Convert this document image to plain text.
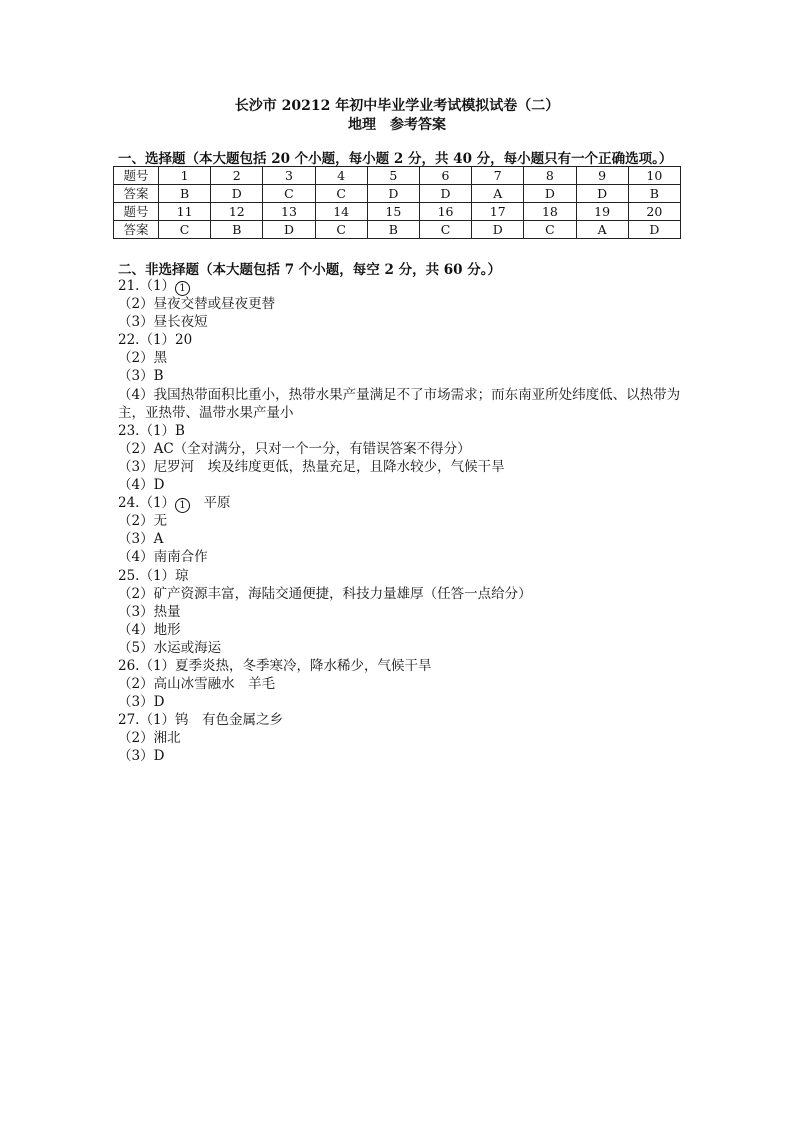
长沙市 20212 年初中毕业学业考试模拟试卷（二）
地理　参考答案
一、选择题（本大题包括 20 个小题，每小题 2 分，共 40 分，每小题只有一个正确选项。）
题号	1	2	3	4	5	6	7	8	9	10
答案	B	D	C	C	D	D	A	D	D	B
题号	11	12	13	14	15	16	17	18	19	20
答案	C	B	D	C	B	C	D	C	A	D
二、非选择题（本大题包括 7 个小题，每空 2 分，共 60 分。）
21.（1） 1
（2）昼夜交替或昼夜更替
（3）昼长夜短
22.（1）20
（2）黑
（3）B
（4）我国热带面积比重小，热带水果产量满足不了市场需求；而东南亚所处纬度低、以热带为主，亚热带、温带水果产量小
23.（1）B
（2）AC（全对满分，只对一个一分，有错误答案不得分）
（3）尼罗河　埃及纬度更低，热量充足，且降水较少，气候干旱
（4）D
24.（1） 1　平原
（2）无
（3）A
（4）南南合作
25.（1）琼
（2）矿产资源丰富，海陆交通便捷，科技力量雄厚（任答一点给分）
（3）热量
（4）地形
（5）水运或海运
26.（1）夏季炎热，冬季寒冷，降水稀少，气候干旱
（2）高山冰雪融水　羊毛
（3）D
27.（1）钨　有色金属之乡
（2）湘北
（3）D
